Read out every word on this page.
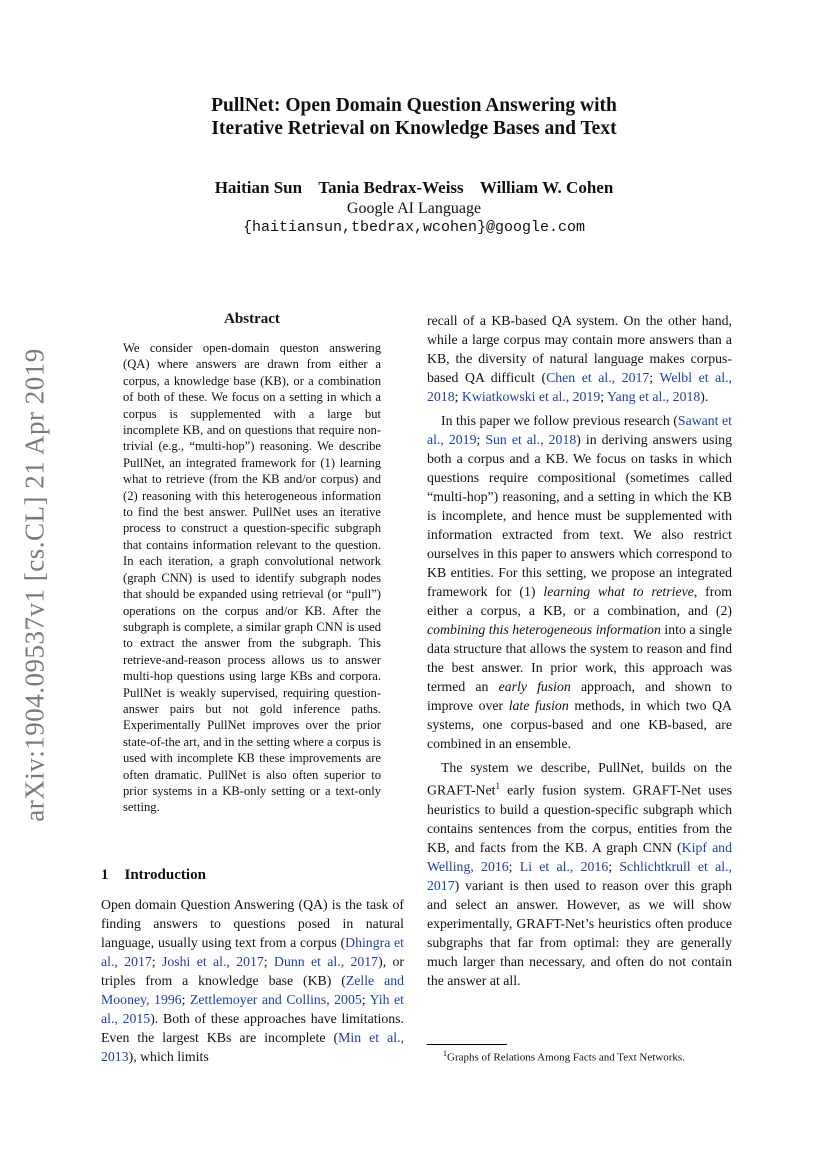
arXiv:1904.09537v1 [cs.CL] 21 Apr 2019
PullNet: Open Domain Question Answering with
Iterative Retrieval on Knowledge Bases and Text
Haitian Sun Tania Bedrax-Weiss William W. Cohen
Google AI Language
{haitiansun,tbedrax,wcohen}@google.com
Abstract
We consider open-domain queston answering (QA) where answers are drawn from either a corpus, a knowledge base (KB), or a combination of both of these. We focus on a setting in which a corpus is supplemented with a large but incomplete KB, and on questions that require non-trivial (e.g., “multi-hop”) reasoning. We describe PullNet, an integrated framework for (1) learning what to retrieve (from the KB and/or corpus) and (2) reasoning with this heterogeneous information to find the best answer. PullNet uses an iterative process to construct a question-specific subgraph that contains information relevant to the question. In each iteration, a graph convolutional network (graph CNN) is used to identify subgraph nodes that should be expanded using retrieval (or “pull”) operations on the corpus and/or KB. After the subgraph is complete, a similar graph CNN is used to extract the answer from the subgraph. This retrieve-and-reason process allows us to answer multi-hop questions using large KBs and corpora. PullNet is weakly supervised, requiring question-answer pairs but not gold inference paths. Experimentally PullNet improves over the prior state-of-the art, and in the setting where a corpus is used with incomplete KB these improvements are often dramatic. PullNet is also often superior to prior systems in a KB-only setting or a text-only setting.
1 Introduction
Open domain Question Answering (QA) is the task of finding answers to questions posed in natural language, usually using text from a corpus (Dhingra et al., 2017; Joshi et al., 2017; Dunn et al., 2017), or triples from a knowledge base (KB) (Zelle and Mooney, 1996; Zettlemoyer and Collins, 2005; Yih et al., 2015). Both of these approaches have limitations. Even the largest KBs are incomplete (Min et al., 2013), which limits

recall of a KB-based QA system. On the other hand, while a large corpus may contain more answers than a KB, the diversity of natural language makes corpus-based QA difficult (Chen et al., 2017; Welbl et al., 2018; Kwiatkowski et al., 2019; Yang et al., 2018).

In this paper we follow previous research (Sawant et al., 2019; Sun et al., 2018) in deriving answers using both a corpus and a KB. We focus on tasks in which questions require compositional (sometimes called “multi-hop”) reasoning, and a setting in which the KB is incomplete, and hence must be supplemented with information extracted from text. We also restrict ourselves in this paper to answers which correspond to KB entities. For this setting, we propose an integrated framework for (1) learning what to retrieve, from either a corpus, a KB, or a combination, and (2) combining this heterogeneous information into a single data structure that allows the system to reason and find the best answer. In prior work, this approach was termed an early fusion approach, and shown to improve over late fusion methods, in which two QA systems, one corpus-based and one KB-based, are combined in an ensemble.

The system we describe, PullNet, builds on the GRAFT-Net$^1$ early fusion system. GRAFT-Net uses heuristics to build a question-specific subgraph which contains sentences from the corpus, entities from the KB, and facts from the KB. A graph CNN (Kipf and Welling, 2016; Li et al., 2016; Schlichtkrull et al., 2017) variant is then used to reason over this graph and select an answer. However, as we will show experimentally, GRAFT-Net’s heuristics often produce subgraphs that far from optimal: they are generally much larger than necessary, and often do not contain the answer at all.

$^1$Graphs of Relations Among Facts and Text Networks.
